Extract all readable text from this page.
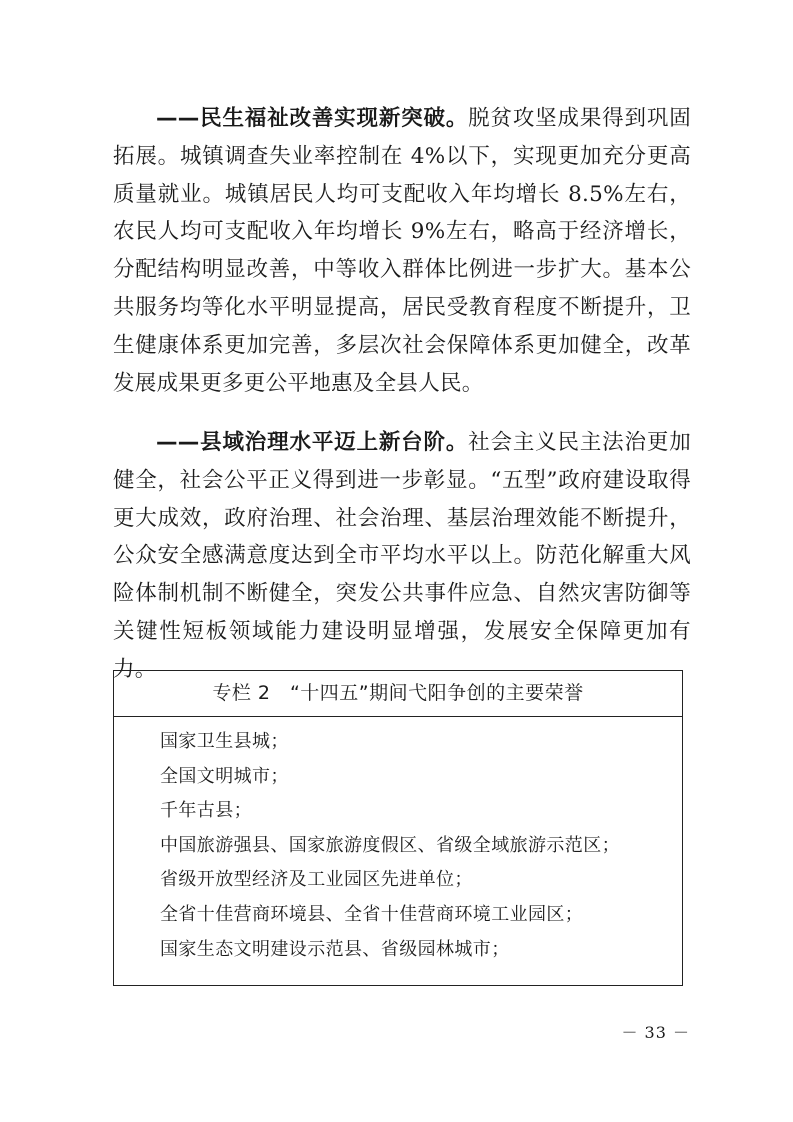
——民生福祉改善实现新突破。脱贫攻坚成果得到巩固拓展。城镇调查失业率控制在 4%以下，实现更加充分更高质量就业。城镇居民人均可支配收入年均增长 8.5%左右，农民人均可支配收入年均增长 9%左右，略高于经济增长，分配结构明显改善，中等收入群体比例进一步扩大。基本公共服务均等化水平明显提高，居民受教育程度不断提升，卫生健康体系更加完善，多层次社会保障体系更加健全，改革发展成果更多更公平地惠及全县人民。

——县域治理水平迈上新台阶。社会主义民主法治更加健全，社会公平正义得到进一步彰显。“五型”政府建设取得更大成效，政府治理、社会治理、基层治理效能不断提升，公众安全感满意度达到全市平均水平以上。防范化解重大风险体制机制不断健全，突发公共事件应急、自然灾害防御等关键性短板领域能力建设明显增强，发展安全保障更加有力。

专栏 2　“十四五”期间弋阳争创的主要荣誉
国家卫生县城；
全国文明城市；
千年古县；
中国旅游强县、国家旅游度假区、省级全域旅游示范区；
省级开放型经济及工业园区先进单位；
全省十佳营商环境县、全省十佳营商环境工业园区；
国家生态文明建设示范县、省级园林城市；
－ 33 －
